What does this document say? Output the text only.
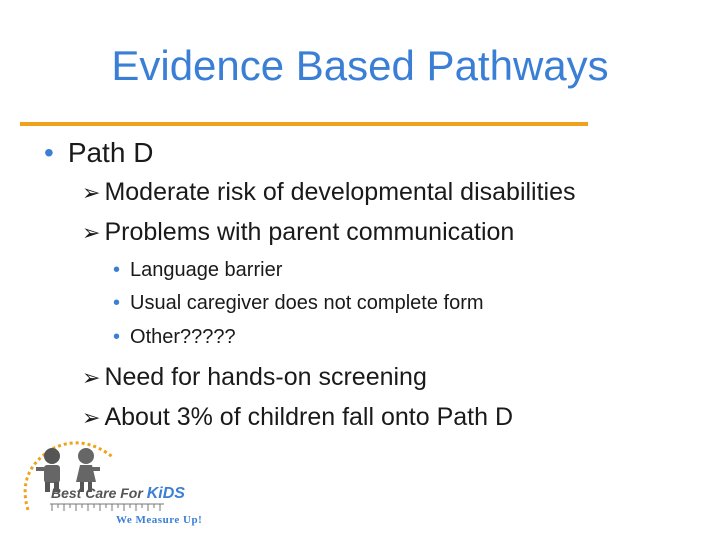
Evidence Based Pathways
• Path D
➢ Moderate risk of developmental disabilities
➢ Problems with parent communication
• Language barrier
• Usual caregiver does not complete form
• Other?????
➢ Need for hands-on screening
➢ About 3% of children fall onto Path D
Best Care For KiDS
We Measure Up!
